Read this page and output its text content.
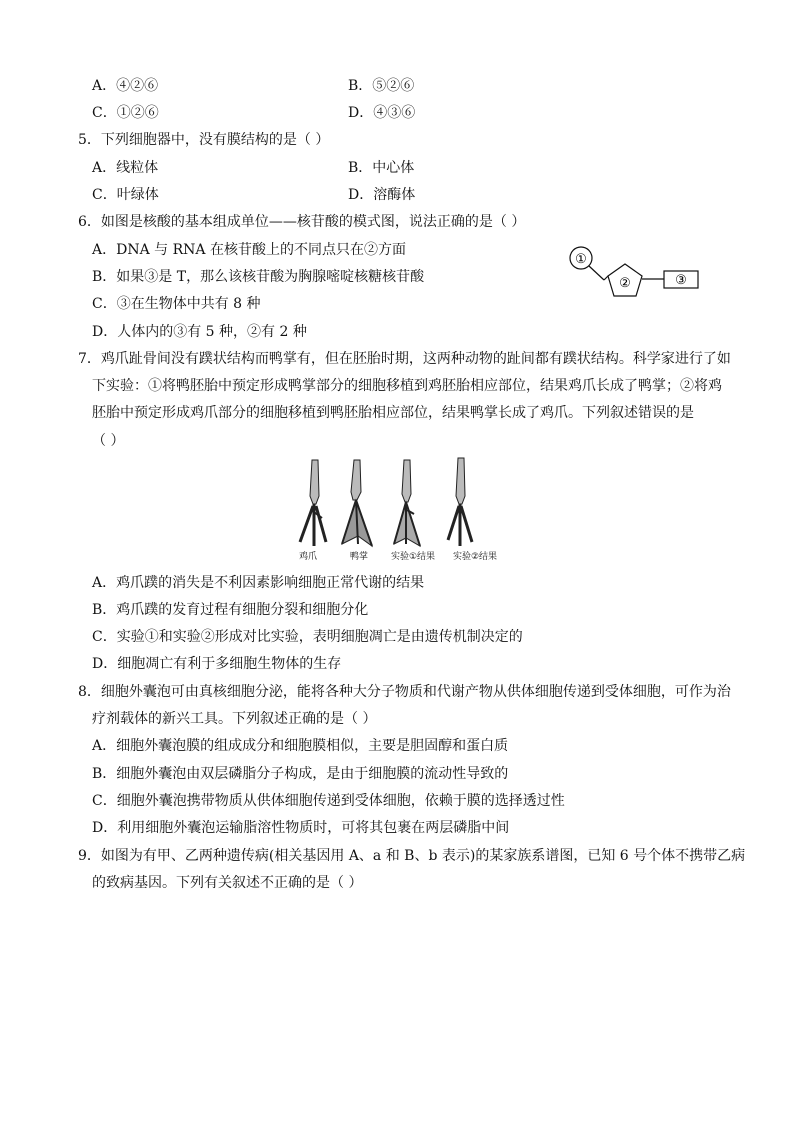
A．④②⑥	B．⑤②⑥
C．①②⑥	D．④③⑥
5．下列细胞器中，没有膜结构的是（ ）
A．线粒体	B．中心体
C．叶绿体	D．溶酶体
6．如图是核酸的基本组成单位——核苷酸的模式图，说法正确的是（ ）
A．DNA 与 RNA 在核苷酸上的不同点只在②方面
B．如果③是 T，那么该核苷酸为胸腺嘧啶核糖核苷酸
C．③在生物体中共有 8 种
D．人体内的③有 5 种，②有 2 种
①
②	③
7．鸡爪趾骨间没有蹼状结构而鸭掌有，但在胚胎时期，这两种动物的趾间都有蹼状结构。科学家进行了如
下实验：①将鸭胚胎中预定形成鸭掌部分的细胞移植到鸡胚胎相应部位，结果鸡爪长成了鸭掌；②将鸡
胚胎中预定形成鸡爪部分的细胞移植到鸭胚胎相应部位，结果鸭掌长成了鸡爪。下列叙述错误的是
（ ）
鸡爪	鸭掌	实验①结果 实验②结果
A．鸡爪蹼的消失是不利因素影响细胞正常代谢的结果
B．鸡爪蹼的发育过程有细胞分裂和细胞分化
C．实验①和实验②形成对比实验，表明细胞凋亡是由遗传机制决定的
D．细胞凋亡有利于多细胞生物体的生存
8．细胞外囊泡可由真核细胞分泌，能将各种大分子物质和代谢产物从供体细胞传递到受体细胞，可作为治
疗剂载体的新兴工具。下列叙述正确的是（ ）
A．细胞外囊泡膜的组成成分和细胞膜相似，主要是胆固醇和蛋白质
B．细胞外囊泡由双层磷脂分子构成，是由于细胞膜的流动性导致的
C．细胞外囊泡携带物质从供体细胞传递到受体细胞，依赖于膜的选择透过性
D．利用细胞外囊泡运输脂溶性物质时，可将其包裹在两层磷脂中间
9．如图为有甲、乙两种遗传病(相关基因用 A、a 和 B、b 表示)的某家族系谱图，已知 6 号个体不携带乙病
的致病基因。下列有关叙述不正确的是（ ）
